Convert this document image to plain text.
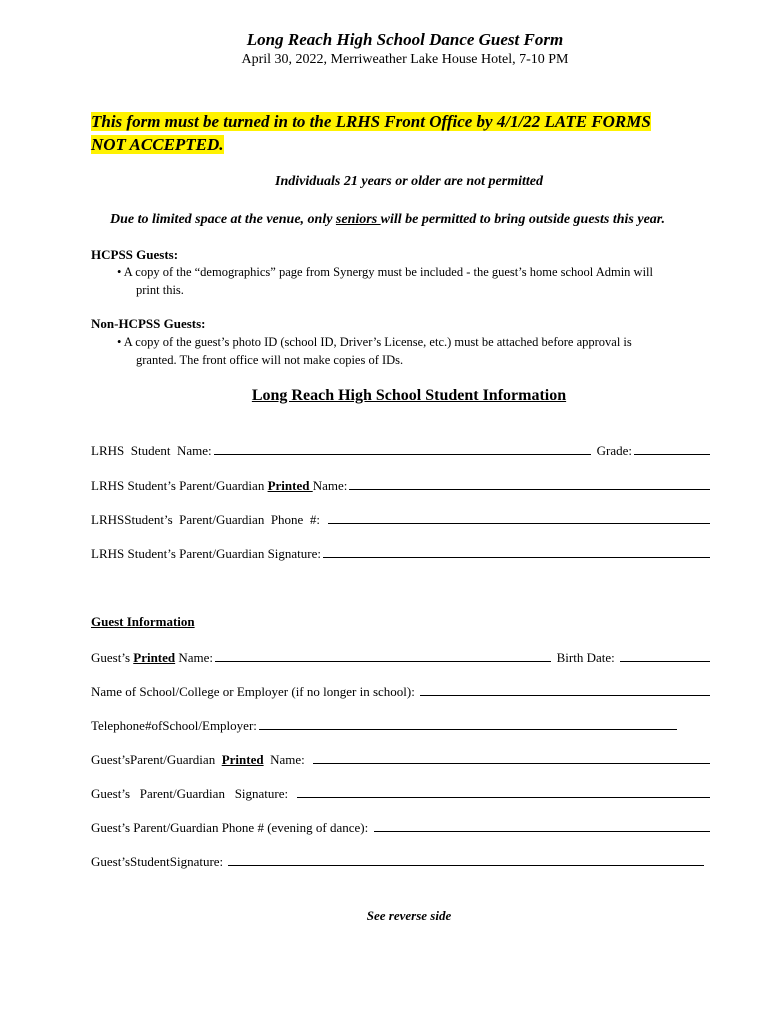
Long Reach High School Dance Guest Form
April 30, 2022, Merriweather Lake House Hotel, 7-10 PM
This form must be turned in to the LRHS Front Office by 4/1/22 LATE FORMS
NOT ACCEPTED.
Individuals 21 years or older are not permitted
Due to limited space at the venue, only seniors will be permitted to bring outside guests this year.
HCPSS Guests:
• A copy of the “demographics” page from Synergy must be included - the guest’s home school Admin will
print this.
Non-HCPSS Guests:
• A copy of the guest’s photo ID (school ID, Driver’s License, etc.) must be attached before approval is
granted. The front office will not make copies of IDs.
Long Reach High School Student Information
LRHS  Student  Name:	Grade:
LRHS Student’s Parent/Guardian Printed Name:
LRHSStudent’s  Parent/Guardian  Phone  #:
LRHS Student’s Parent/Guardian Signature:
Guest Information
Guest’s Printed Name:	Birth Date:
Name of School/College or Employer (if no longer in school):
Telephone#ofSchool/Employer:
Guest’sParent/Guardian Printed Name:
Guest’s   Parent/Guardian   Signature:
Guest’s Parent/Guardian Phone # (evening of dance):
Guest’sStudentSignature:
See reverse side
